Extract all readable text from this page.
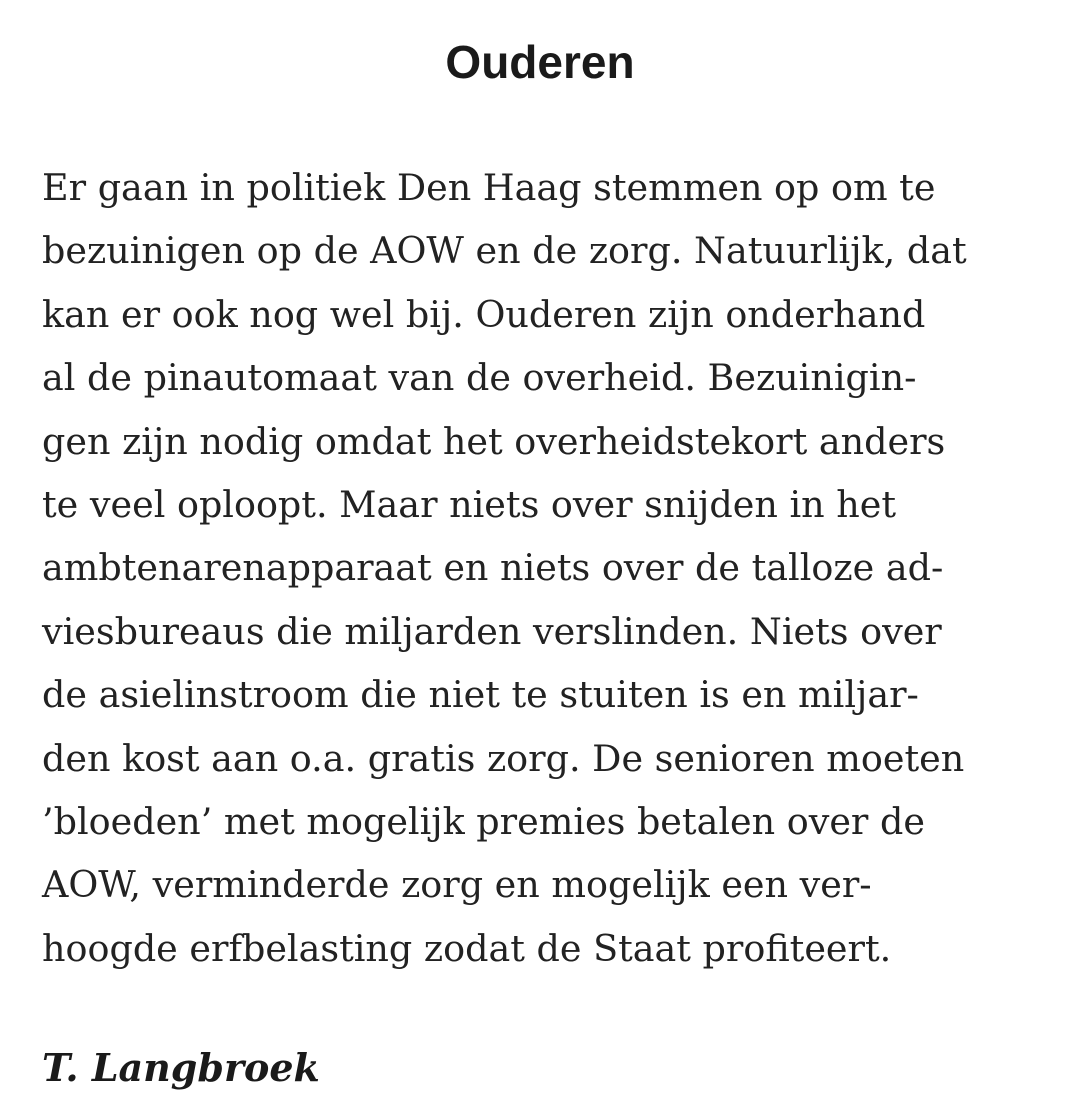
Ouderen

Er gaan in politiek Den Haag stemmen op om te
bezuinigen op de AOW en de zorg. Natuurlijk, dat
kan er ook nog wel bij. Ouderen zijn onderhand
al de pinautomaat van de overheid. Bezuinigin-
gen zijn nodig omdat het overheidstekort anders
te veel oploopt. Maar niets over snijden in het
ambtenarenapparaat en niets over de talloze ad-
viesbureaus die miljarden verslinden. Niets over
de asielinstroom die niet te stuiten is en miljar-
den kost aan o.a. gratis zorg. De senioren moeten
’bloeden’ met mogelijk premies betalen over de
AOW, verminderde zorg en mogelijk een ver-
hoogde erfbelasting zodat de Staat profiteert.

T. Langbroek
